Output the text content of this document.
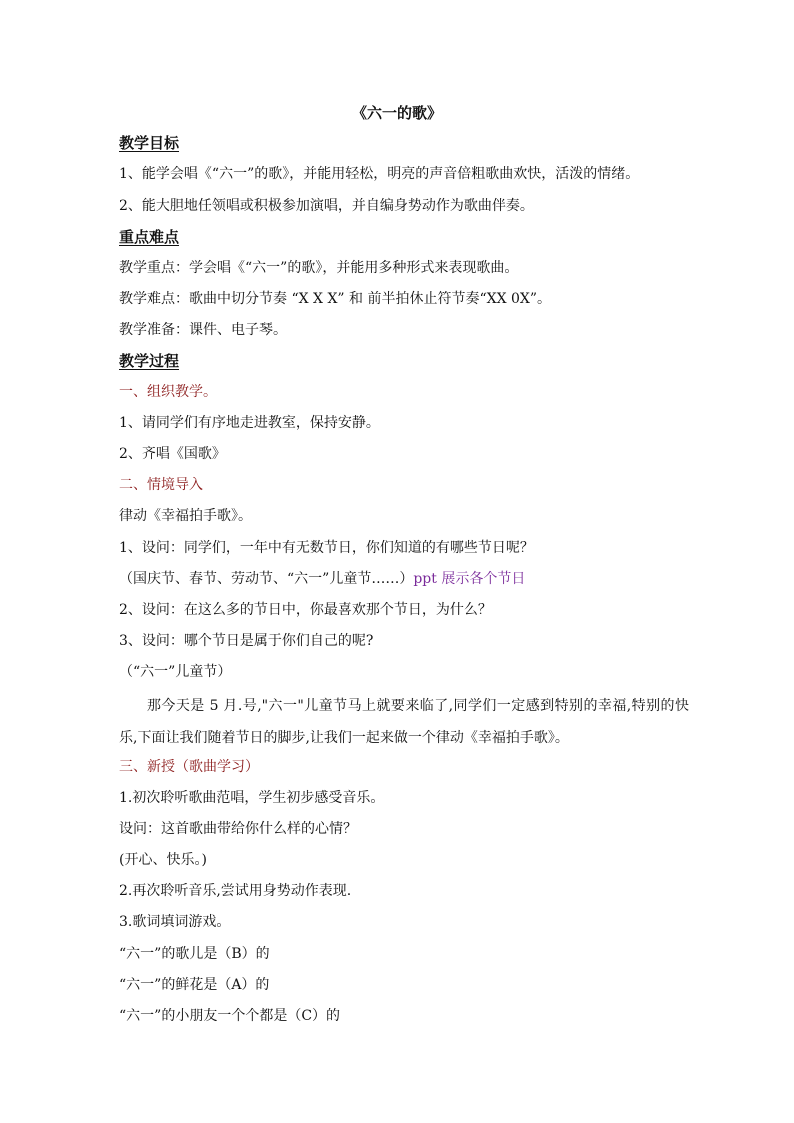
《六一的歌》
教学目标
1、能学会唱《“六一”的歌》，并能用轻松，明亮的声音倍粗歌曲欢快，活泼的情绪。
2、能大胆地任领唱或积极参加演唱，并自编身势动作为歌曲伴奏。
重点难点
教学重点：学会唱《“六一”的歌》，并能用多种形式来表现歌曲。
教学难点：歌曲中切分节奏 “X X X” 和 前半拍休止符节奏“XX 0X”。
教学准备：课件、电子琴。
教学过程
一、组织教学。
1、请同学们有序地走进教室，保持安静。
2、齐唱《国歌》
二、情境导入
律动《幸福拍手歌》。
1、设问：同学们，一年中有无数节日，你们知道的有哪些节日呢？
（国庆节、春节、劳动节、“六一”儿童节……）ppt 展示各个节日
2、设问：在这么多的节日中，你最喜欢那个节日，为什么？
3、设问：哪个节日是属于你们自己的呢?
（“六一”儿童节）
那今天是 5 月.号,"六一"儿童节马上就要来临了,同学们一定感到特别的幸福,特别的快乐,下面让我们随着节日的脚步,让我们一起来做一个律动《幸福拍手歌》。
三、新授（歌曲学习）
1.初次聆听歌曲范唱，学生初步感受音乐。
设问：这首歌曲带给你什么样的心情？
(开心、快乐。)
2.再次聆听音乐,尝试用身势动作表现.
3.歌词填词游戏。
“六一”的歌儿是（B）的
“六一”的鲜花是（A）的
“六一”的小朋友一个个都是（C）的
